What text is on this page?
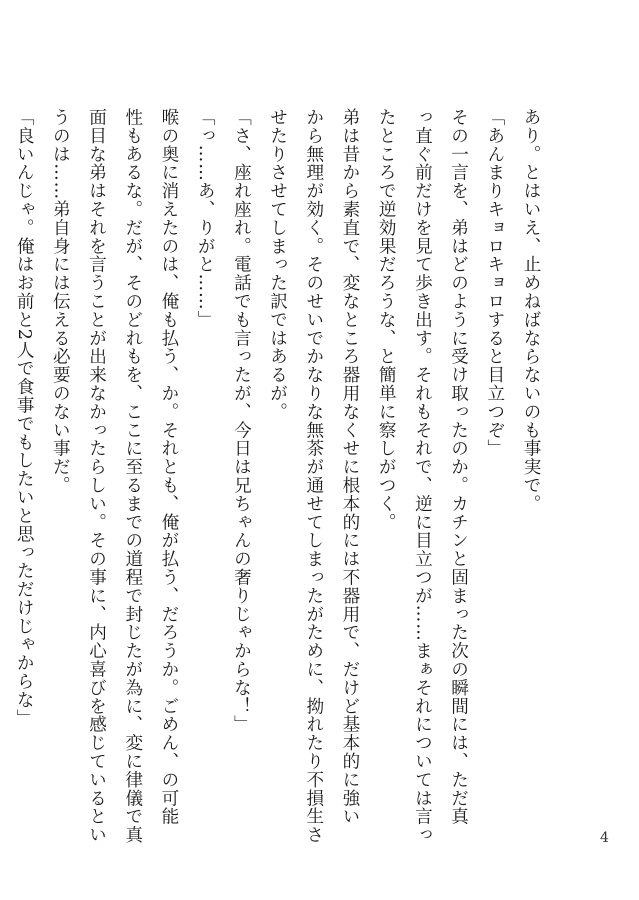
あり。とはいえ、止めねばならないのも事実で。

「あんまりキョロキョロすると目立つぞ」

その一言を、弟はどのように受け取ったのか。カチンと固まった次の瞬間には、ただ真

っ直ぐ前だけを見て歩き出す。それもそれで、逆に目立つが……まぁそれについては言っ

たところで逆効果だろうな、と簡単に察しがつく。

弟は昔から素直で、変なところ器用なくせに根本的には不器用で、だけど基本的に強い

から無理が効く。そのせいでかなりな無茶が通せてしまったがために、拗れたり不損生さ

せたりさせてしまった訳ではあるが。

「さ、座れ座れ。電話でも言ったが、今日は兄ちゃんの奢りじゃからな！」

「っ……あ、りがと……」

喉の奥に消えたのは、俺も払う、か。それとも、俺が払う、だろうか。ごめん、の可能

性もあるな。だが、そのどれもを、ここに至るまでの道程で封じたが為に、変に律儀で真

面目な弟はそれを言うことが出来なかったらしい。その事に、内心喜びを感じているとい

うのは……弟自身には伝える必要のない事だ。

「良いんじゃ。俺はお前と2人で食事でもしたいと思っただけじゃからな」

4
